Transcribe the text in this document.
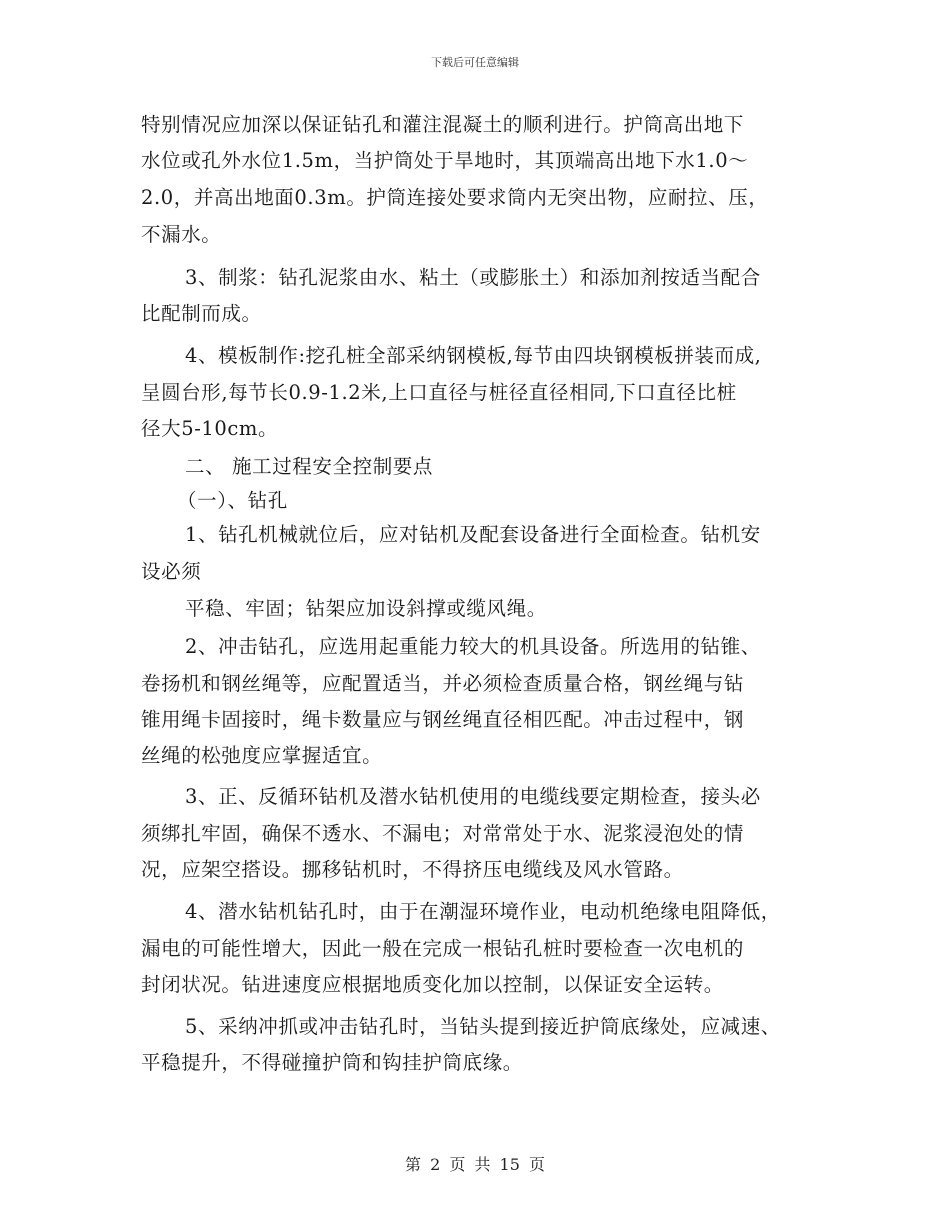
下载后可任意编辑
特别情况应加深以保证钻孔和灌注混凝土的顺利进行。护筒高出地下
水位或孔外水位1.5m，当护筒处于旱地时，其顶端高出地下水1.0～
2.0，并高出地面0.3m。护筒连接处要求筒内无突出物，应耐拉、压，
不漏水。
3、制浆：钻孔泥浆由水、粘土（或膨胀土）和添加剂按适当配合
比配制而成。
4、模板制作:挖孔桩全部采纳钢模板,每节由四块钢模板拼装而成,
呈圆台形,每节长0.9-1.2米,上口直径与桩径直径相同,下口直径比桩
径大5-10cm。
二、 施工过程安全控制要点
（一）、钻孔
1、钻孔机械就位后，应对钻机及配套设备进行全面检查。钻机安
设必须
平稳、牢固；钻架应加设斜撑或缆风绳。
2、冲击钻孔，应选用起重能力较大的机具设备。所选用的钻锥、
卷扬机和钢丝绳等，应配置适当，并必须检查质量合格，钢丝绳与钻
锥用绳卡固接时，绳卡数量应与钢丝绳直径相匹配。冲击过程中，钢
丝绳的松弛度应掌握适宜。
3、正、反循环钻机及潜水钻机使用的电缆线要定期检查，接头必
须绑扎牢固，确保不透水、不漏电；对常常处于水、泥浆浸泡处的情
况，应架空搭设。挪移钻机时，不得挤压电缆线及风水管路。
4、潜水钻机钻孔时，由于在潮湿环境作业，电动机绝缘电阻降低，
漏电的可能性增大，因此一般在完成一根钻孔桩时要检查一次电机的
封闭状况。钻进速度应根据地质变化加以控制，以保证安全运转。
5、采纳冲抓或冲击钻孔时，当钻头提到接近护筒底缘处，应减速、
平稳提升，不得碰撞护筒和钩挂护筒底缘。
第 2 页 共 15 页
